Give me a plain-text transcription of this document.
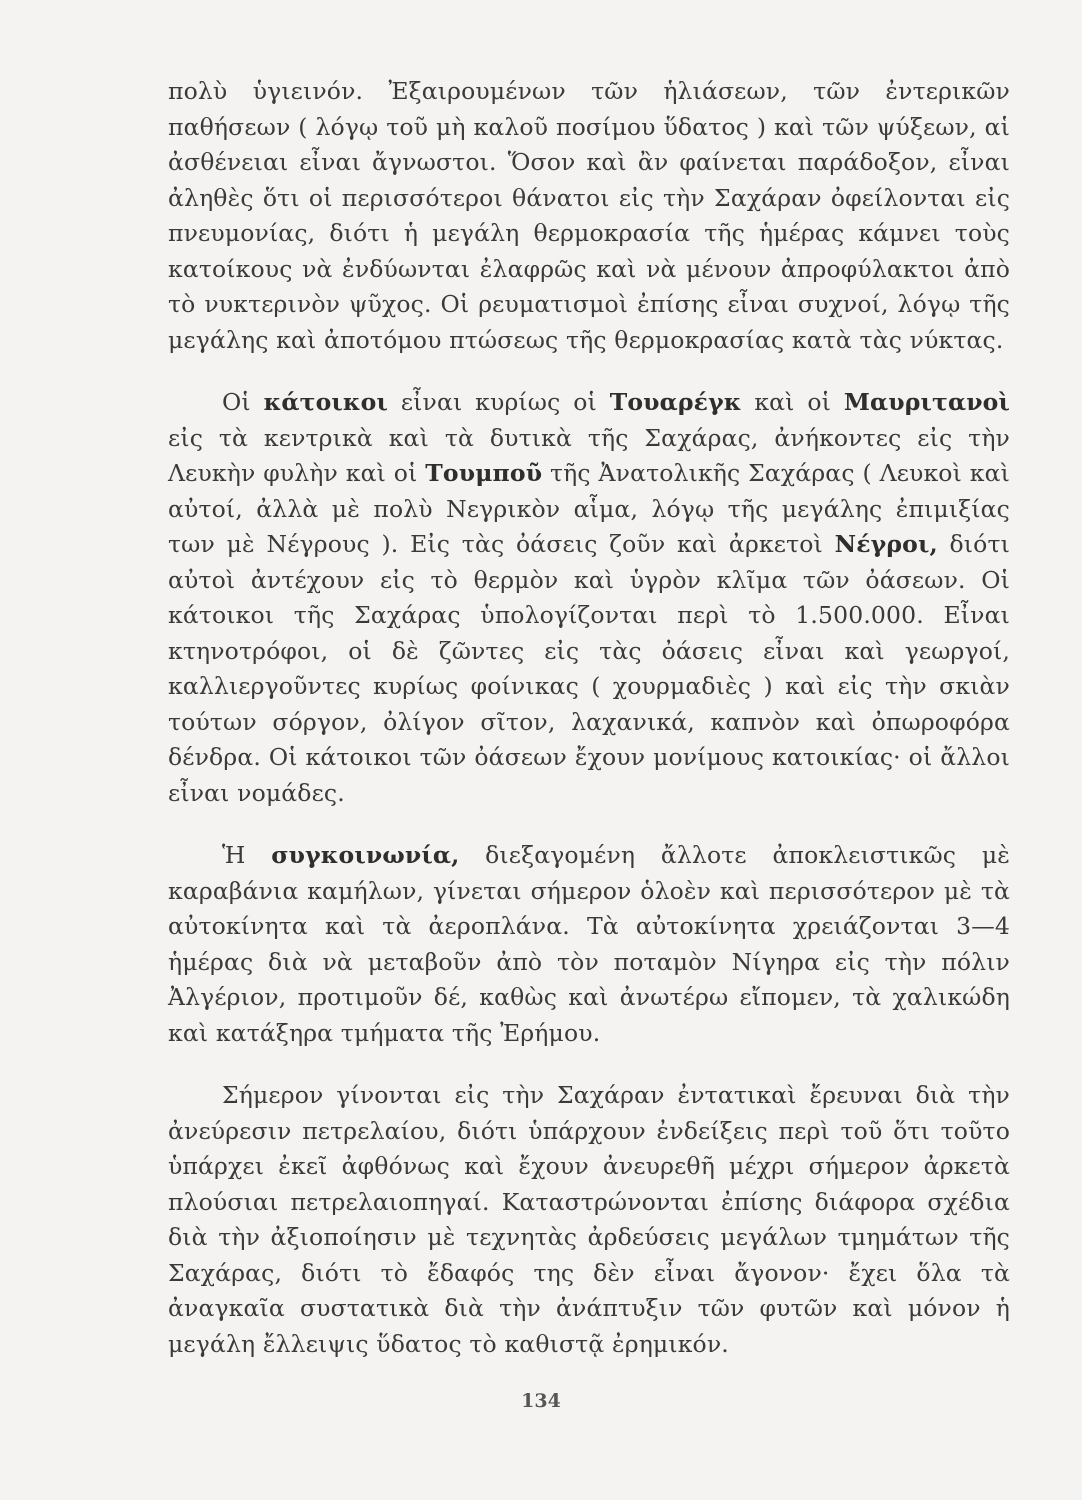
πολὺ ὑγιεινόν. Ἐξαιρουμένων τῶν ἡλιάσεων, τῶν ἐντερικῶν παθήσεων ( λόγῳ τοῦ μὴ καλοῦ ποσίμου ὕδατος ) καὶ τῶν ψύξεων, αἱ ἀσθένειαι εἶναι ἄγνωστοι. Ὅσον καὶ ἂν φαίνεται παράδοξον, εἶναι ἀληθὲς ὅτι οἱ περισσότεροι θάνατοι εἰς τὴν Σαχάραν ὀφείλονται εἰς πνευμονίας, διότι ἡ μεγάλη θερμοκρασία τῆς ἡμέρας κάμνει τοὺς κατοίκους νὰ ἐνδύωνται ἐλαφρῶς καὶ νὰ μένουν ἀπροφύλακτοι ἀπὸ τὸ νυκτερινὸν ψῦχος. Οἱ ρευματισμοὶ ἐπίσης εἶναι συχνοί, λόγῳ τῆς μεγάλης καὶ ἀποτόμου πτώσεως τῆς θερμοκρασίας κατὰ τὰς νύκτας.

Οἱ κάτοικοι εἶναι κυρίως οἱ Τουαρέγκ καὶ οἱ Μαυριτανοὶ εἰς τὰ κεντρικὰ καὶ τὰ δυτικὰ τῆς Σαχάρας, ἀνήκοντες εἰς τὴν Λευκὴν φυλὴν καὶ οἱ Τουμποῦ τῆς Ἀνατολικῆς Σαχάρας ( Λευκοὶ καὶ αὐτοί, ἀλλὰ μὲ πολὺ Νεγρικὸν αἷμα, λόγῳ τῆς μεγάλης ἐπιμιξίας των μὲ Νέγρους ). Εἰς τὰς ὀάσεις ζοῦν καὶ ἀρκετοὶ Νέγροι, διότι αὐτοὶ ἀντέχουν εἰς τὸ θερμὸν καὶ ὑγρὸν κλῖμα τῶν ὀάσεων. Οἱ κάτοικοι τῆς Σαχάρας ὑπολογίζονται περὶ τὸ 1.500.000. Εἶναι κτηνοτρόφοι, οἱ δὲ ζῶντες εἰς τὰς ὀάσεις εἶναι καὶ γεωργοί, καλλιεργοῦντες κυρίως φοίνικας ( χουρμαδιὲς ) καὶ εἰς τὴν σκιὰν τούτων σόργον, ὀλίγον σῖτον, λαχανικά, καπνὸν καὶ ὀπωροφόρα δένδρα. Οἱ κάτοικοι τῶν ὀάσεων ἔχουν μονίμους κατοικίας· οἱ ἄλλοι εἶναι νομάδες.

Ἡ συγκοινωνία, διεξαγομένη ἄλλοτε ἀποκλειστικῶς μὲ καραβάνια καμήλων, γίνεται σήμερον ὁλοὲν καὶ περισσότερον μὲ τὰ αὐτοκίνητα καὶ τὰ ἀεροπλάνα. Τὰ αὐτοκίνητα χρειάζονται 3—4 ἡμέρας διὰ νὰ μεταβοῦν ἀπὸ τὸν ποταμὸν Νίγηρα εἰς τὴν πόλιν Ἀλγέριον, προτιμοῦν δέ, καθὼς καὶ ἀνωτέρω εἴπομεν, τὰ χαλικώδη καὶ κατάξηρα τμήματα τῆς Ἐρήμου.

Σήμερον γίνονται εἰς τὴν Σαχάραν ἐντατικαὶ ἔρευναι διὰ τὴν ἀνεύρεσιν πετρελαίου, διότι ὑπάρχουν ἐνδείξεις περὶ τοῦ ὅτι τοῦτο ὑπάρχει ἐκεῖ ἀφθόνως καὶ ἔχουν ἀνευρεθῆ μέχρι σήμερον ἀρκετὰ πλούσιαι πετρελαιοπηγαί. Καταστρώνονται ἐπίσης διάφορα σχέδια διὰ τὴν ἀξιοποίησιν μὲ τεχνητὰς ἀρδεύσεις μεγάλων τμημάτων τῆς Σαχάρας, διότι τὸ ἔδαφός της δὲν εἶναι ἄγονον· ἔχει ὅλα τὰ ἀναγκαῖα συστατικὰ διὰ τὴν ἀνάπτυξιν τῶν φυτῶν καὶ μόνον ἡ μεγάλη ἔλλειψις ὕδατος τὸ καθιστᾷ ἐρημικόν.

134
